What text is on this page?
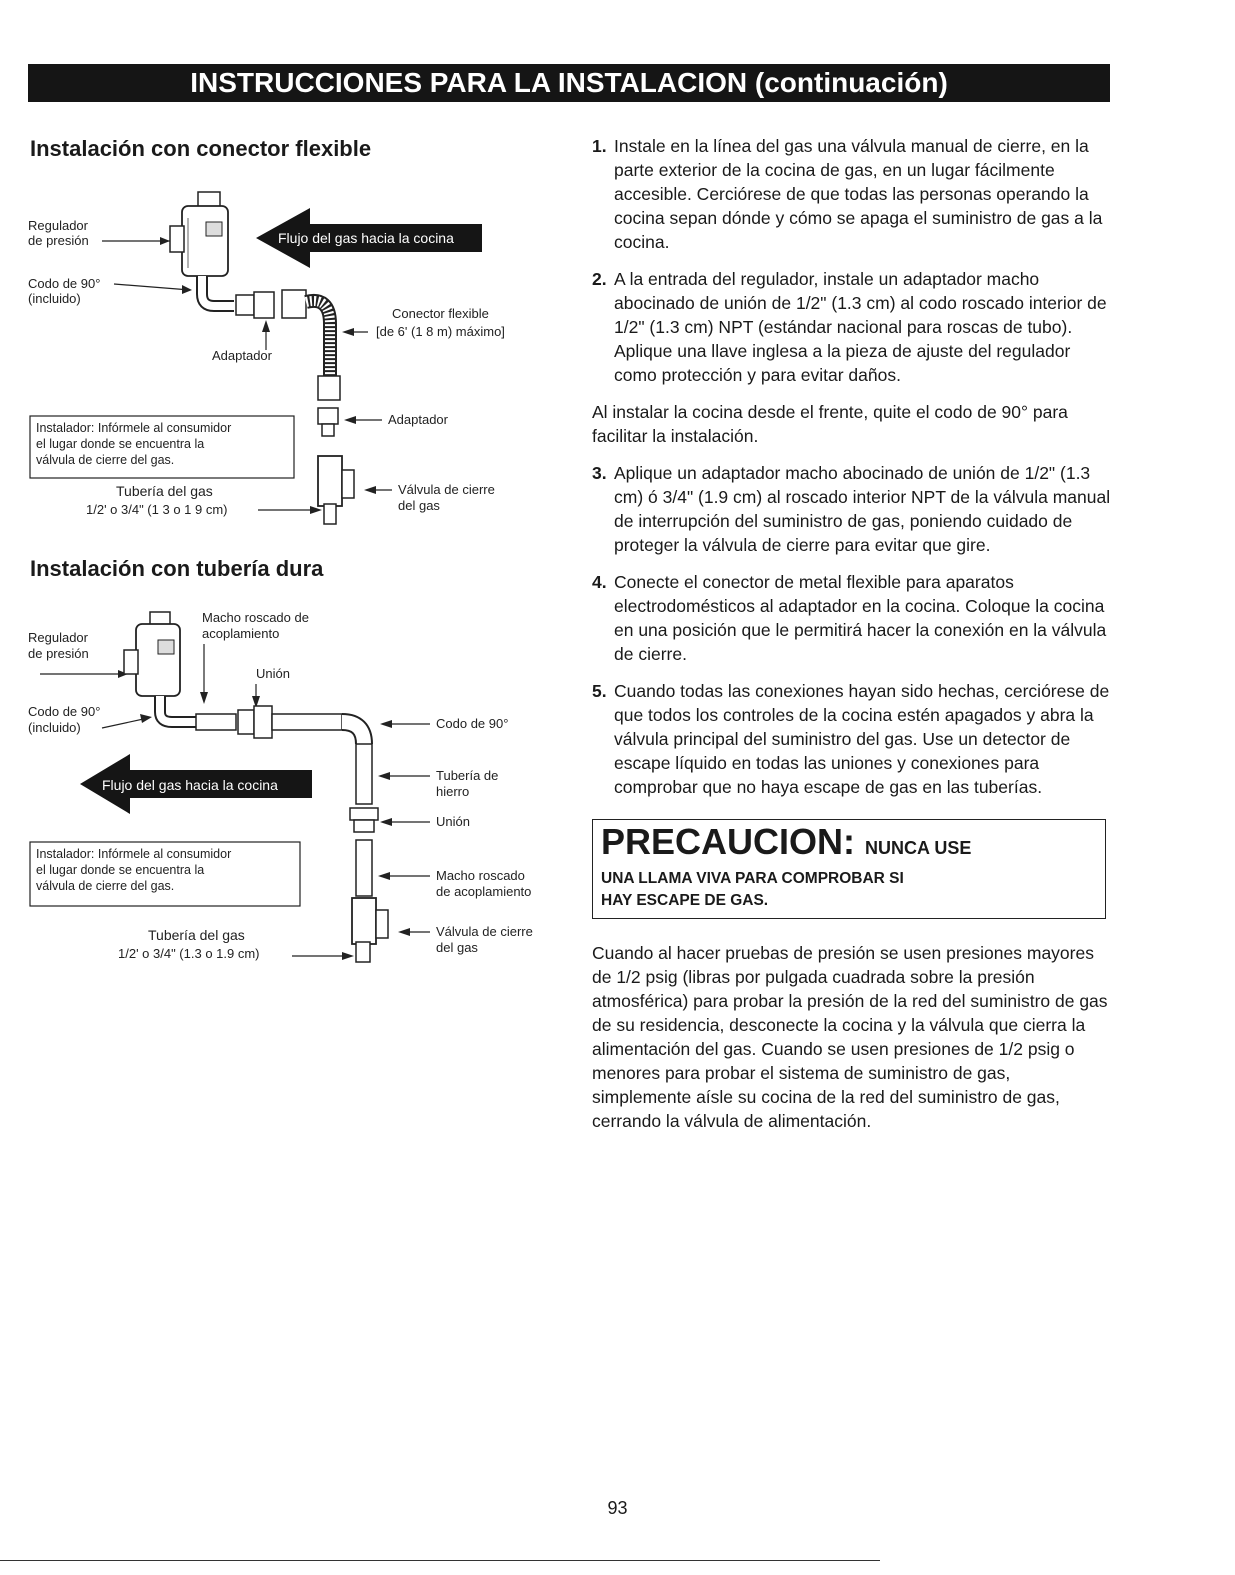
INSTRUCCIONES PARA LA INSTALACION (continuación)
Instalación con conector flexible
Regulador
de presión	Flujo del gas hacia la cocina
Codo de 90°
(incluido)
Adaptador
Conector flexible
[de 6' (1 8 m) máximo]
Adaptador
Instalador: Infórmele al consumidor
el lugar donde se encuentra la
válvula de cierre del gas.
Válvula de cierre
del gas
Tubería del gas
1/2' o 3/4" (1 3 o 1 9 cm)
Instalación con tubería dura
Regulador
de presión
Macho roscado de
acoplamiento
Unión
Codo de 90°
(incluido)	Codo de 90°
Tubería de
hierro
Unión
Macho roscado
de acoplamiento
Flujo del gas hacia la cocina
Instalador: Infórmele al consumidor
el lugar donde se encuentra la
válvula de cierre del gas.
Válvula de cierre
del gas
Tubería del gas
1/2' o 3/4" (1.3 o 1.9 cm)
1. Instale en la línea del gas una válvula manual de cierre, en la parte exterior de la cocina de gas, en un lugar fácilmente accesible. Cerciórese de que todas las personas operando la cocina sepan dónde y cómo se apaga el suministro de gas a la cocina.
2. A la entrada del regulador, instale un adaptador macho abocinado de unión de 1/2" (1.3 cm) al codo roscado interior de 1/2" (1.3 cm) NPT (estándar nacional para roscas de tubo). Aplique una llave inglesa a la pieza de ajuste del regulador como protección y para evitar daños.

Al instalar la cocina desde el frente, quite el codo de 90° para facilitar la instalación.

3. Aplique un adaptador macho abocinado de unión de 1/2" (1.3 cm) ó 3/4" (1.9 cm) al roscado interior NPT de la válvula manual de interrupción del suministro de gas, poniendo cuidado de proteger la válvula de cierre para evitar que gire.
4. Conecte el conector de metal flexible para aparatos electrodomésticos al adaptador en la cocina. Coloque la cocina en una posición que le permitirá hacer la conexión en la válvula de cierre.
5. Cuando todas las conexiones hayan sido hechas, cerciórese de que todos los controles de la cocina estén apagados y abra la válvula principal del suministro del gas. Use un detector de escape líquido en todas las uniones y conexiones para comprobar que no haya escape de gas en las tuberías.
PRECAUCION: NUNCA USE
UNA LLAMA VIVA PARA COMPROBAR SI
HAY ESCAPE DE GAS.

Cuando al hacer pruebas de presión se usen presiones mayores de 1/2 psig (libras por pulgada cuadrada sobre la presión atmosférica) para probar la presión de la red del suministro de gas de su residencia, desconecte la cocina y la válvula que cierra la alimentación del gas. Cuando se usen presiones de 1/2 psig o menores para probar el sistema de suministro de gas, simplemente aísle su cocina de la red del suministro de gas, cerrando la válvula de alimentación.

93
